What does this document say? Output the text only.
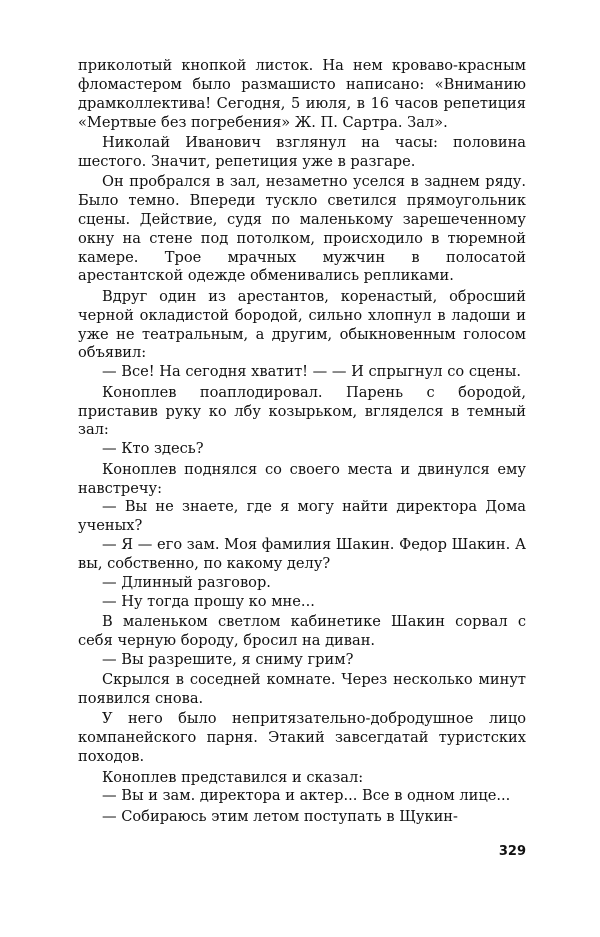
приколотый кнопкой листок. На нем кроваво-красным фломастером было размашисто написано: «Вниманию драмколлектива! Сегодня, 5 июля, в 16 часов репетиция «Мертвые без погребения» Ж. П. Сартра. Зал».

Николай Иванович взглянул на часы: половина шестого. Значит, репетиция уже в разгаре.

Он пробрался в зал, незаметно уселся в заднем ряду. Было темно. Впереди тускло светился прямоугольник сцены. Действие, судя по маленькому зарешеченному окну на стене под потолком, происходило в тюремной камере. Трое мрачных мужчин в полосатой арестантской одежде обменивались репликами.

Вдруг один из арестантов, коренастый, обросший черной окладистой бородой, сильно хлопнул в ладоши и уже не театральным, а другим, обыкновенным голосом объявил:

— Все! На сегодня хватит! — — И спрыгнул со сцены.

Коноплев поаплодировал. Парень с бородой, приставив руку ко лбу козырьком, вгляделся в темный зал:

— Кто здесь?

Коноплев поднялся со своего места и двинулся ему навстречу:

— Вы не знаете, где я могу найти директора Дома ученых?

— Я — его зам. Моя фамилия Шакин. Федор Шакин. А вы, собственно, по какому делу?

— Длинный разговор.

— Ну тогда прошу ко мне...

В маленьком светлом кабинетике Шакин сорвал с себя черную бороду, бросил на диван.

— Вы разрешите, я сниму грим?

Скрылся в соседней комнате. Через несколько минут появился снова.

У него было непритязательно-добродушное лицо компанейского парня. Этакий завсегдатай туристских походов.

Коноплев представился и сказал:

— Вы и зам. директора и актер... Все в одном лице...

— Собираюсь этим летом поступать в Щукин-

329
